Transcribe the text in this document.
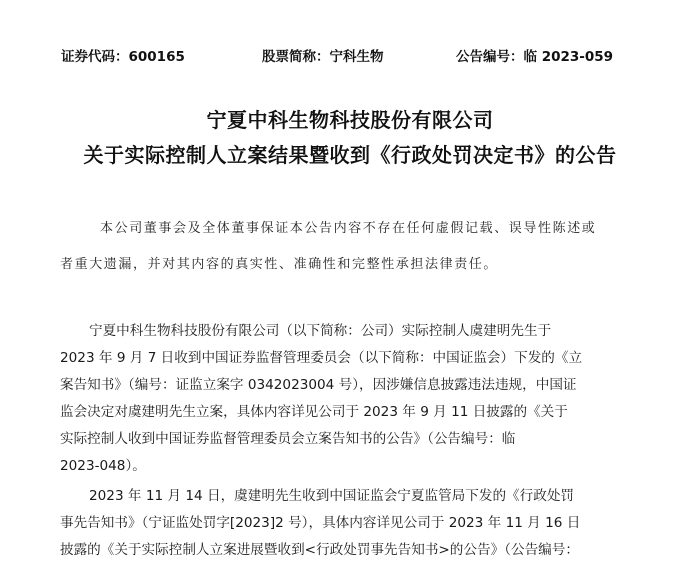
证券代码：600165	股票简称：宁科生物	公告编号：临 2023-059
宁夏中科生物科技股份有限公司
关于实际控制人立案结果暨收到《行政处罚决定书》的公告
本公司董事会及全体董事保证本公告内容不存在任何虚假记载、误导性陈述或
者重大遗漏，并对其内容的真实性、准确性和完整性承担法律责任。
宁夏中科生物科技股份有限公司（以下简称：公司）实际控制人虞建明先生于
2023 年 9 月 7 日收到中国证券监督管理委员会（以下简称：中国证监会）下发的《立
案告知书》（编号：证监立案字 0342023004 号），因涉嫌信息披露违法违规，中国证
监会决定对虞建明先生立案，具体内容详见公司于 2023 年 9 月 11 日披露的《关于
实际控制人收到中国证券监督管理委员会立案告知书的公告》（公告编号：临
2023-048）。
2023 年 11 月 14 日，虞建明先生收到中国证监会宁夏监管局下发的《行政处罚
事先告知书》（宁证监处罚字[2023]2 号），具体内容详见公司于 2023 年 11 月 16 日
披露的《关于实际控制人立案进展暨收到<行政处罚事先告知书>的公告》（公告编号：
